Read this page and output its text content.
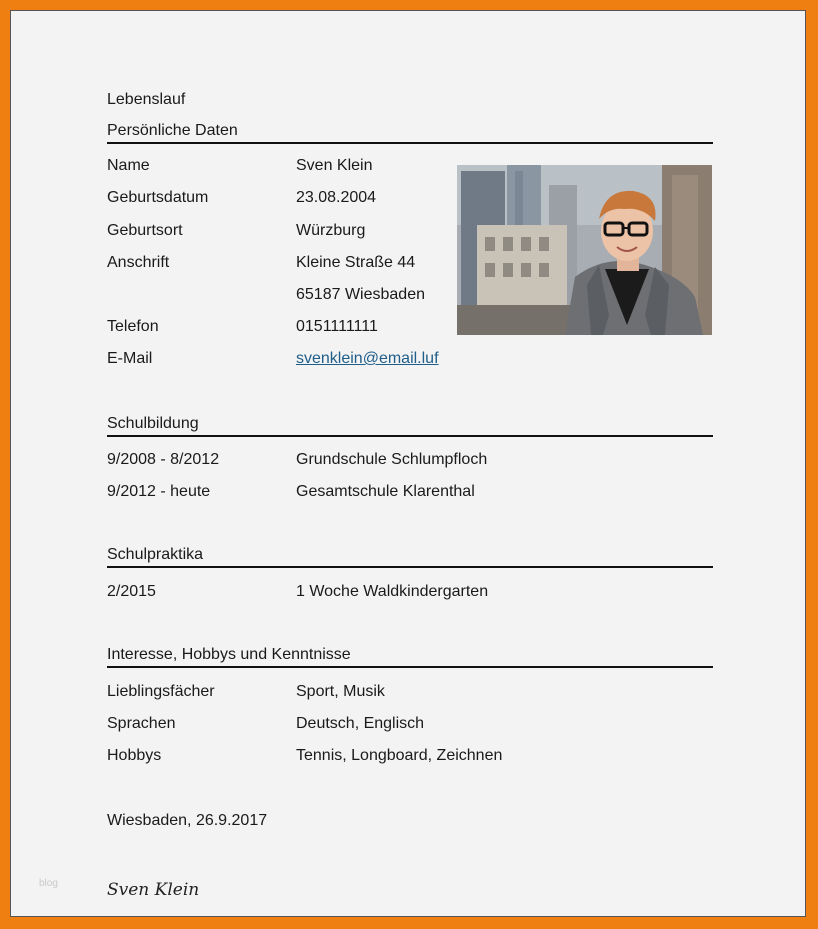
Lebenslauf
Persönliche Daten
Name	Sven Klein
Geburtsdatum	23.08.2004
Geburtsort	Würzburg
Anschrift	Kleine Straße 44
65187 Wiesbaden
Telefon	0151111111
E-Mail	svenklein@email.luf
Schulbildung
9/2008 - 8/2012	Grundschule Schlumpfloch
9/2012 - heute	Gesamtschule Klarenthal
Schulpraktika
2/2015	1 Woche Waldkindergarten
Interesse, Hobbys und Kenntnisse
Lieblingsfächer	Sport, Musik
Sprachen	Deutsch, Englisch
Hobbys	Tennis, Longboard, Zeichnen
Wiesbaden, 26.9.2017
blog	Sven Klein
